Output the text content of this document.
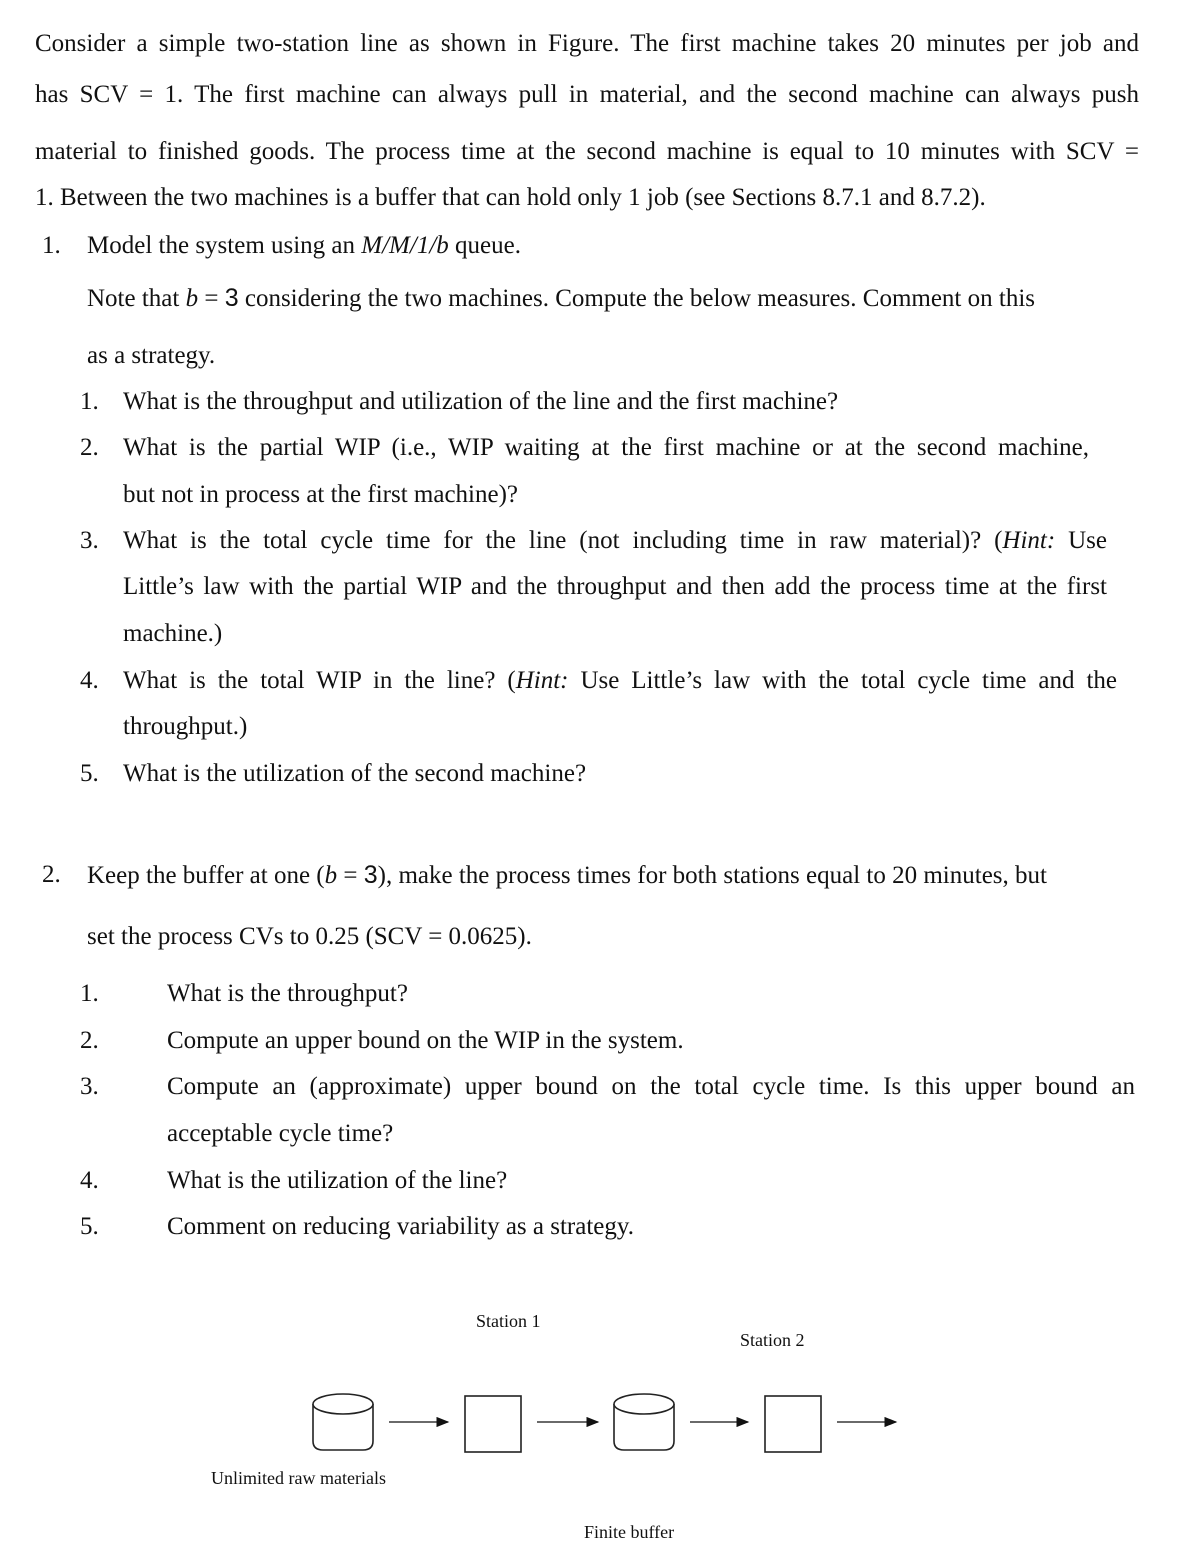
Consider a simple two-station line as shown in Figure. The first machine takes 20 minutes per job and
has SCV = 1. The first machine can always pull in material, and the second machine can always push
material to finished goods. The process time at the second machine is equal to 10 minutes with SCV =
1. Between the two machines is a buffer that can hold only 1 job (see Sections 8.7.1 and 8.7.2).
1. Model the system using an M/M/1/b queue.
Note that b = 3 considering the two machines. Compute the below measures. Comment on this
as a strategy.
1. What is the throughput and utilization of the line and the first machine?
2. What is the partial WIP (i.e., WIP waiting at the first machine or at the second machine,
but not in process at the first machine)?
3. What is the total cycle time for the line (not including time in raw material)? (Hint: Use
Little’s law with the partial WIP and the throughput and then add the process time at the first
machine.)
4. What is the total WIP in the line? (Hint: Use Little’s law with the total cycle time and the
throughput.)
5. What is the utilization of the second machine?
2. Keep the buffer at one (b = 3), make the process times for both stations equal to 20 minutes, but
set the process CVs to 0.25 (SCV = 0.0625).
1.	What is the throughput?
2.	Compute an upper bound on the WIP in the system.
3.	Compute an (approximate) upper bound on the total cycle time. Is this upper bound an
acceptable cycle time?
4.	What is the utilization of the line?
5.	Comment on reducing variability as a strategy.
Station 1
Station 2
Unlimited raw materials
Finite buffer
